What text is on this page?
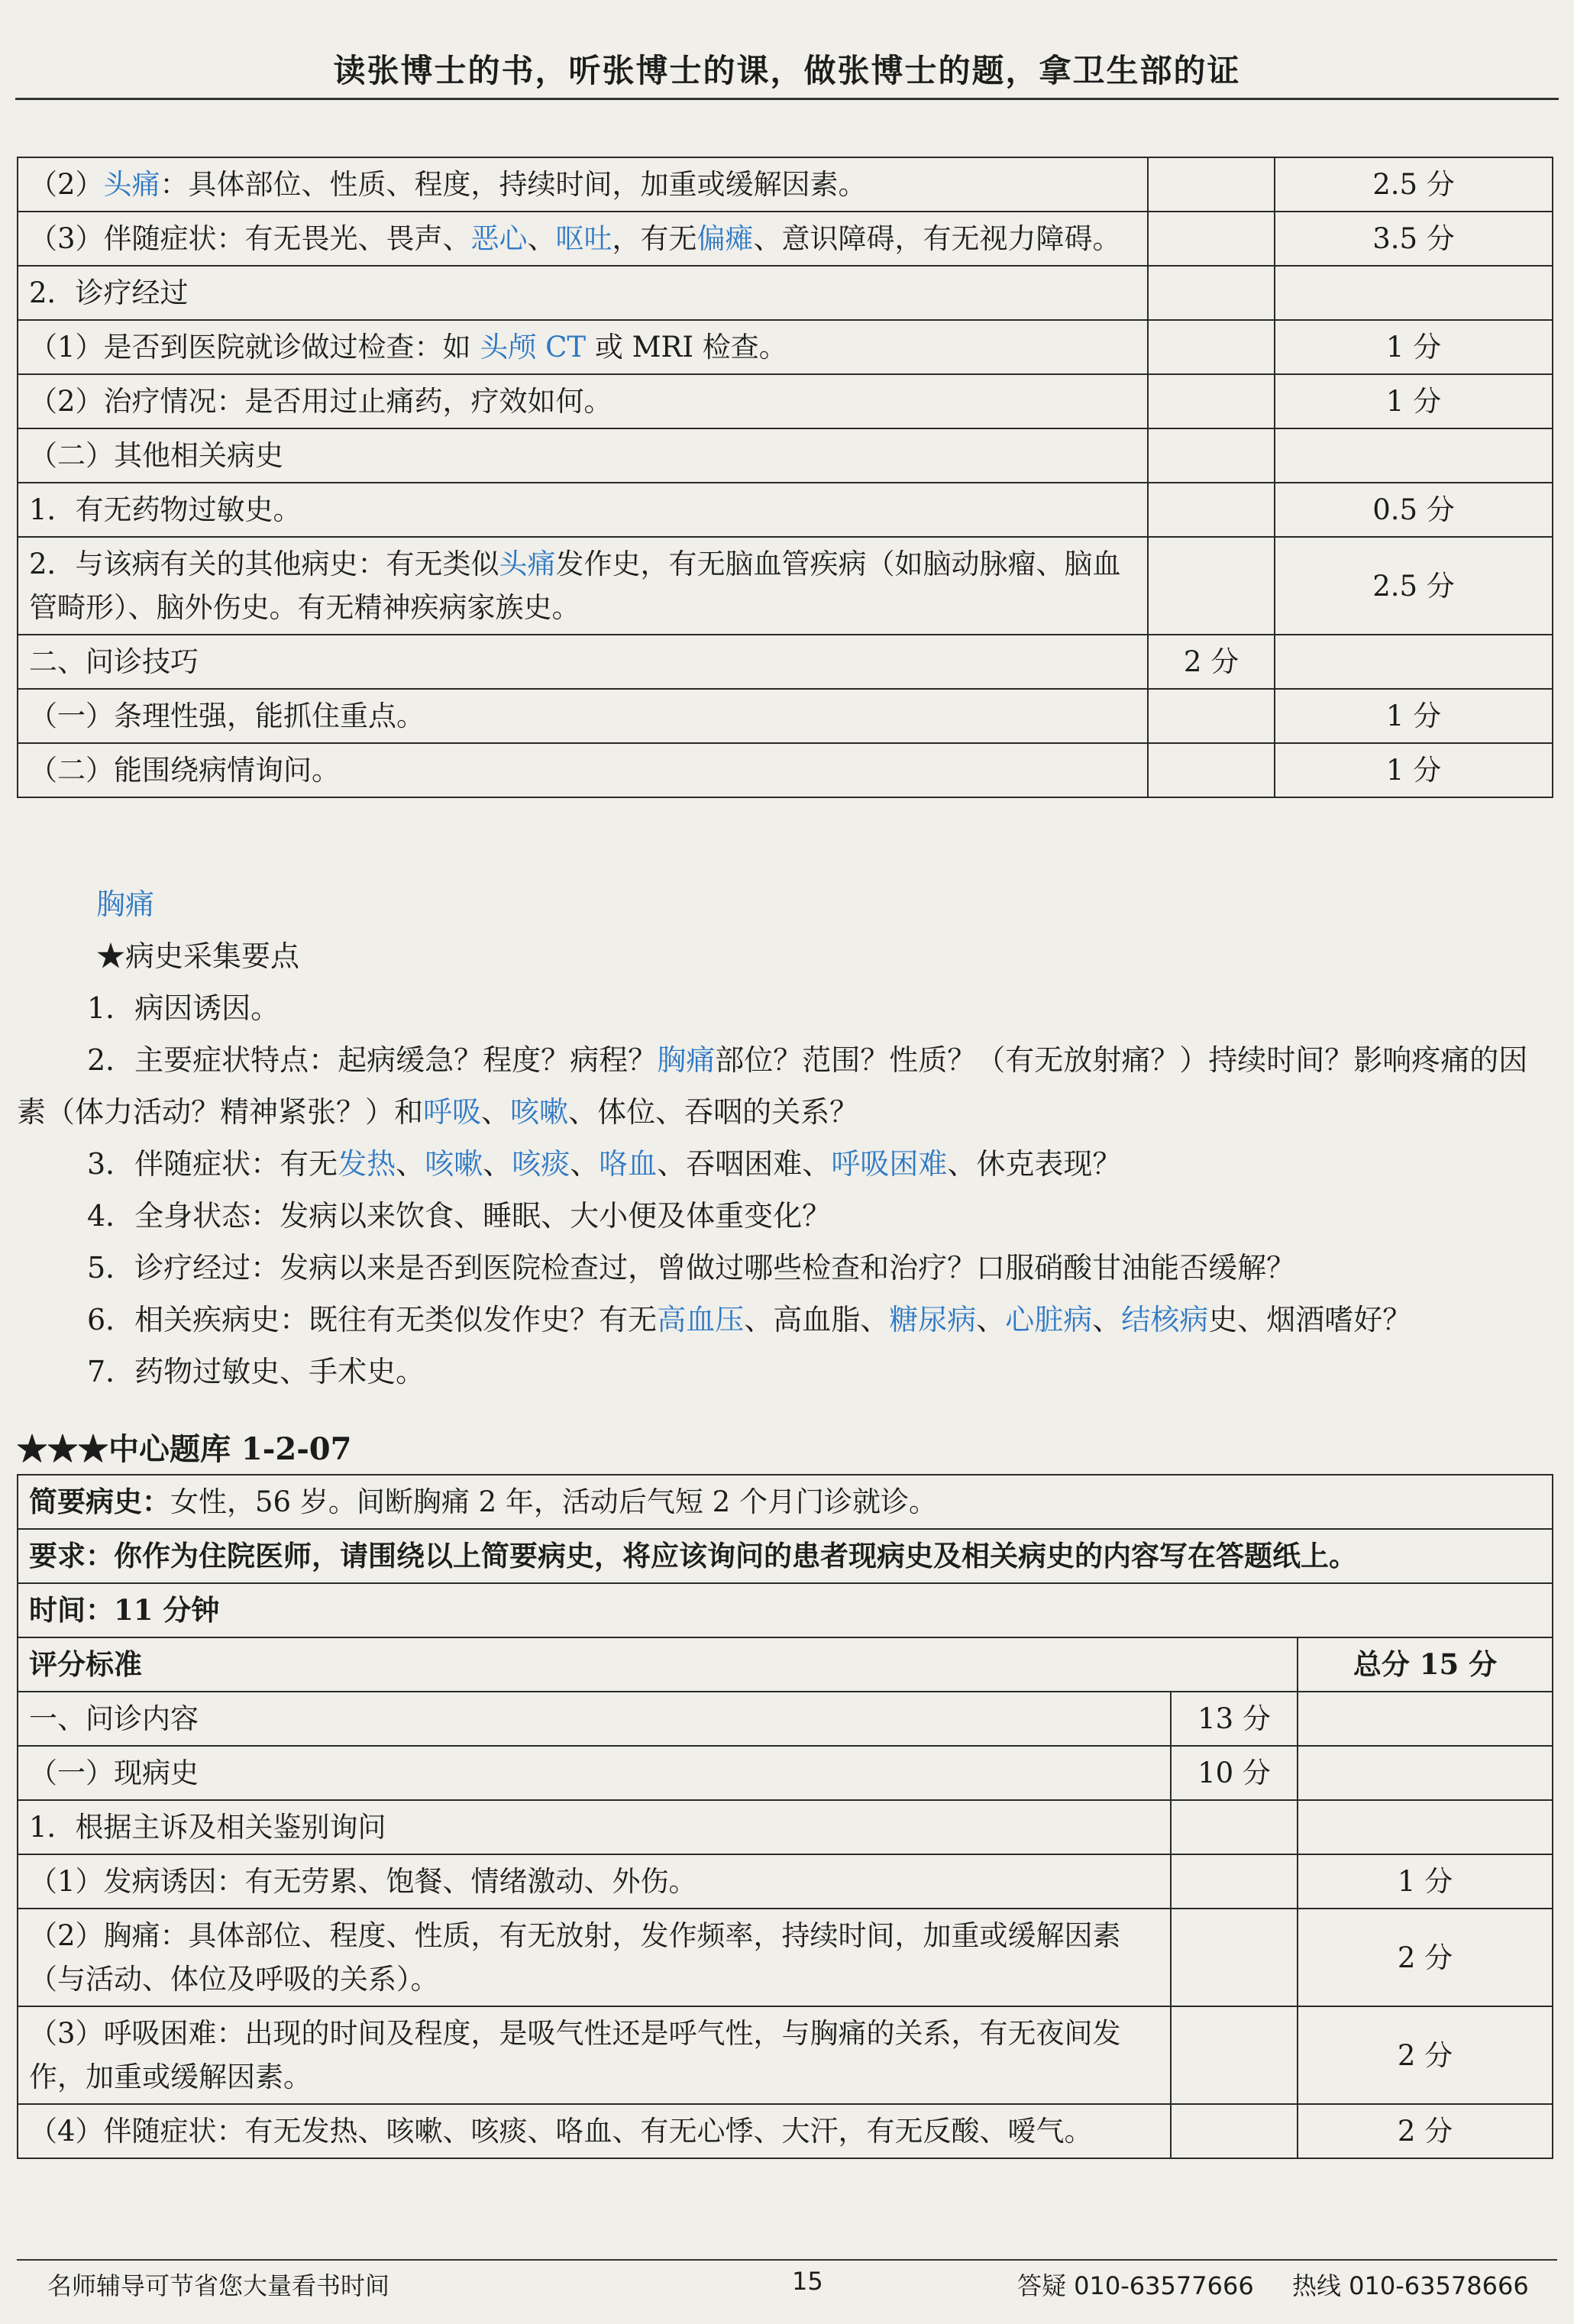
读张博士的书，听张博士的课，做张博士的题，拿卫生部的证
（2）头痛：具体部位、性质、程度，持续时间，加重或缓解因素。		2.5 分
（3）伴随症状：有无畏光、畏声、恶心、呕吐，有无偏瘫、意识障碍，有无视力障碍。		3.5 分
2．诊疗经过		
（1）是否到医院就诊做过检查：如 头颅 CT 或 MRI 检查。		1 分
（2）治疗情况：是否用过止痛药，疗效如何。		1 分
（二）其他相关病史		
1．有无药物过敏史。		0.5 分
2．与该病有关的其他病史：有无类似头痛发作史，有无脑血管疾病（如脑动脉瘤、脑血管畸形）、脑外伤史。有无精神疾病家族史。		2.5 分
二、问诊技巧	2 分	
（一）条理性强，能抓住重点。		1 分
（二）能围绕病情询问。		1 分
胸痛
★病史采集要点
1．病因诱因。
2．主要症状特点：起病缓急？程度？病程？胸痛部位？范围？性质？（有无放射痛？）持续时间？影响疼痛的因素（体力活动？精神紧张？）和呼吸、咳嗽、体位、吞咽的关系？
3．伴随症状：有无发热、咳嗽、咳痰、咯血、吞咽困难、呼吸困难、休克表现？
4．全身状态：发病以来饮食、睡眠、大小便及体重变化？
5．诊疗经过：发病以来是否到医院检查过，曾做过哪些检查和治疗？口服硝酸甘油能否缓解？
6．相关疾病史：既往有无类似发作史？有无高血压、高血脂、糖尿病、心脏病、结核病史、烟酒嗜好？
7．药物过敏史、手术史。
★★★中心题库 1-2-07
简要病史：女性，56 岁。间断胸痛 2 年，活动后气短 2 个月门诊就诊。		
要求：你作为住院医师，请围绕以上简要病史，将应该询问的患者现病史及相关病史的内容写在答题纸上。		
时间：11 分钟		
评分标准		总分 15 分
一、问诊内容	13 分	
（一）现病史	10 分	
1．根据主诉及相关鉴别询问		
（1）发病诱因：有无劳累、饱餐、情绪激动、外伤。		1 分
（2）胸痛：具体部位、程度、性质，有无放射，发作频率，持续时间，加重或缓解因素（与活动、体位及呼吸的关系）。		2 分
（3）呼吸困难：出现的时间及程度，是吸气性还是呼气性，与胸痛的关系，有无夜间发作，加重或缓解因素。		2 分
（4）伴随症状：有无发热、咳嗽、咳痰、咯血、有无心悸、大汗，有无反酸、嗳气。		2 分
名师辅导可节省您大量看书时间	15	答疑 010-63577666 热线 010-63578666
